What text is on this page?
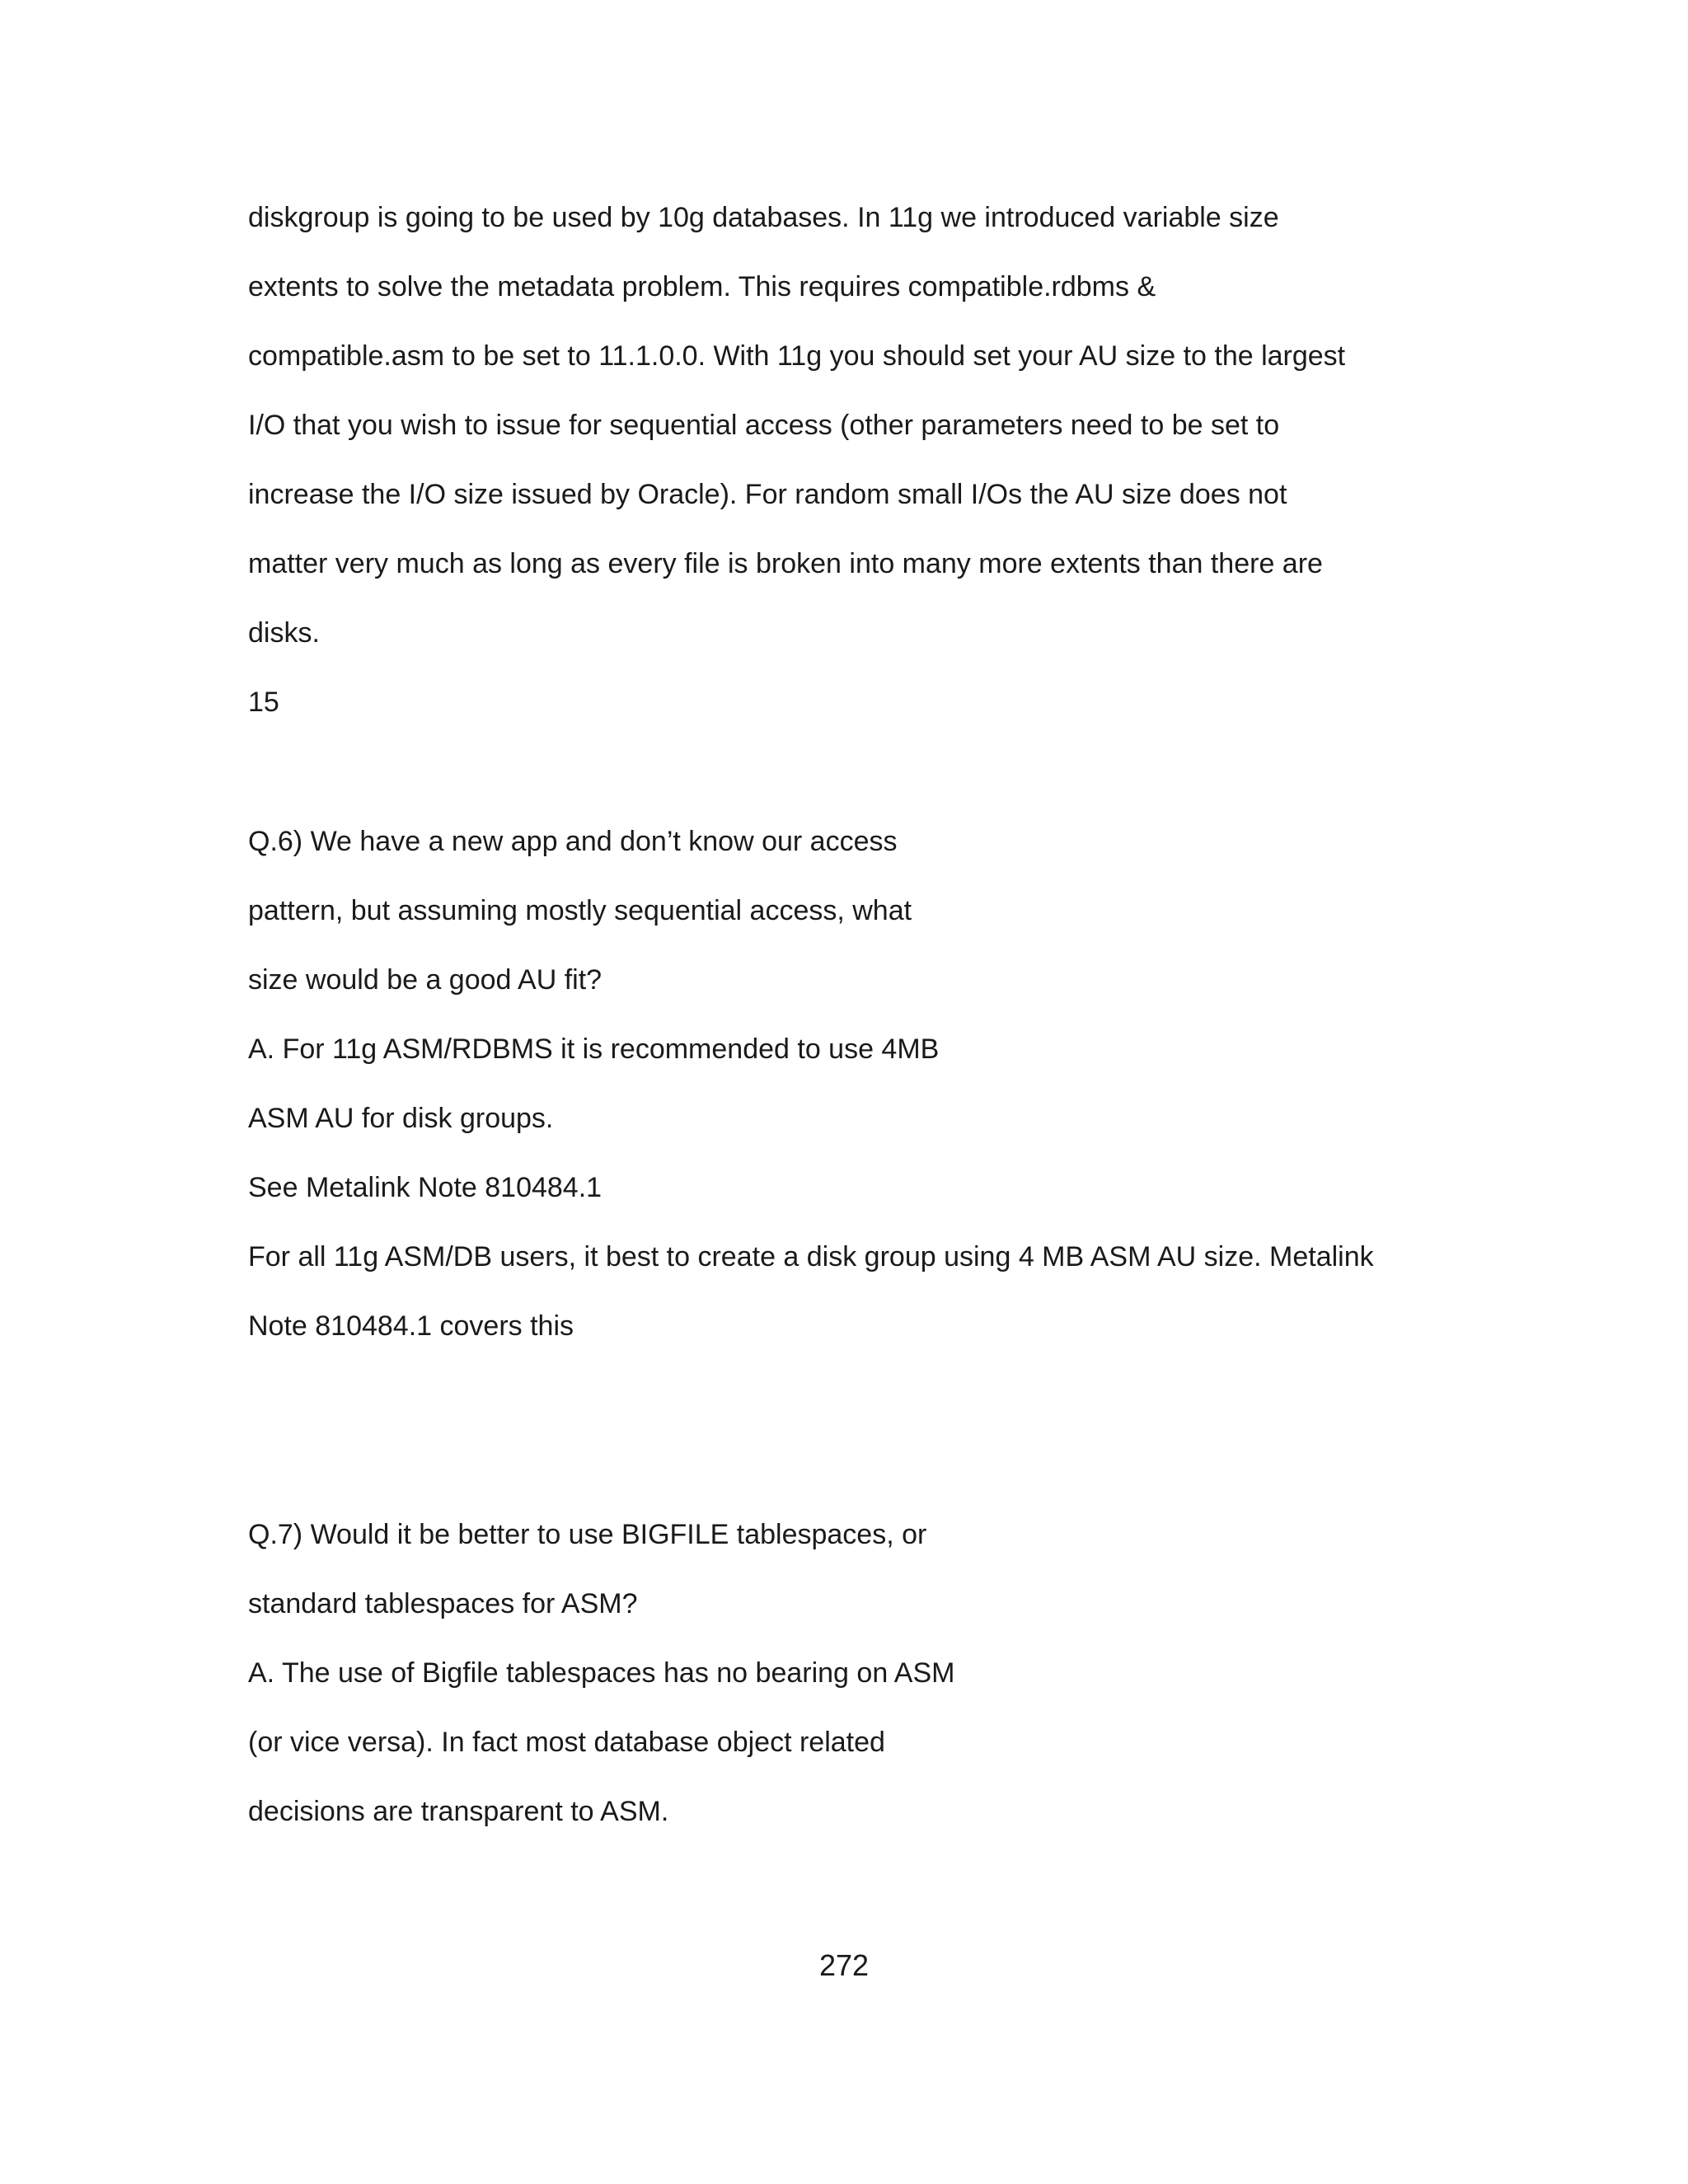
diskgroup is going to be used by 10g databases. In 11g we introduced variable size

extents to solve the metadata problem. This requires compatible.rdbms &

compatible.asm to be set to 11.1.0.0. With 11g you should set your AU size to the largest

I/O that you wish to issue for sequential access (other parameters need to be set to

increase the I/O size issued by Oracle). For random small I/Os the AU size does not

matter very much as long as every file is broken into many more extents than there are

disks.

15

Q.6) We have a new app and don’t know our access

pattern, but assuming mostly sequential access, what

size would be a good AU fit?

A. For 11g ASM/RDBMS it is recommended to use 4MB

ASM AU for disk groups.

See Metalink Note 810484.1

For all 11g ASM/DB users, it best to create a disk group using 4 MB ASM AU size. Metalink

Note 810484.1 covers this

Q.7) Would it be better to use BIGFILE tablespaces, or

standard tablespaces for ASM?

A. The use of Bigfile tablespaces has no bearing on ASM

(or vice versa). In fact most database object related

decisions are transparent to ASM.

272
